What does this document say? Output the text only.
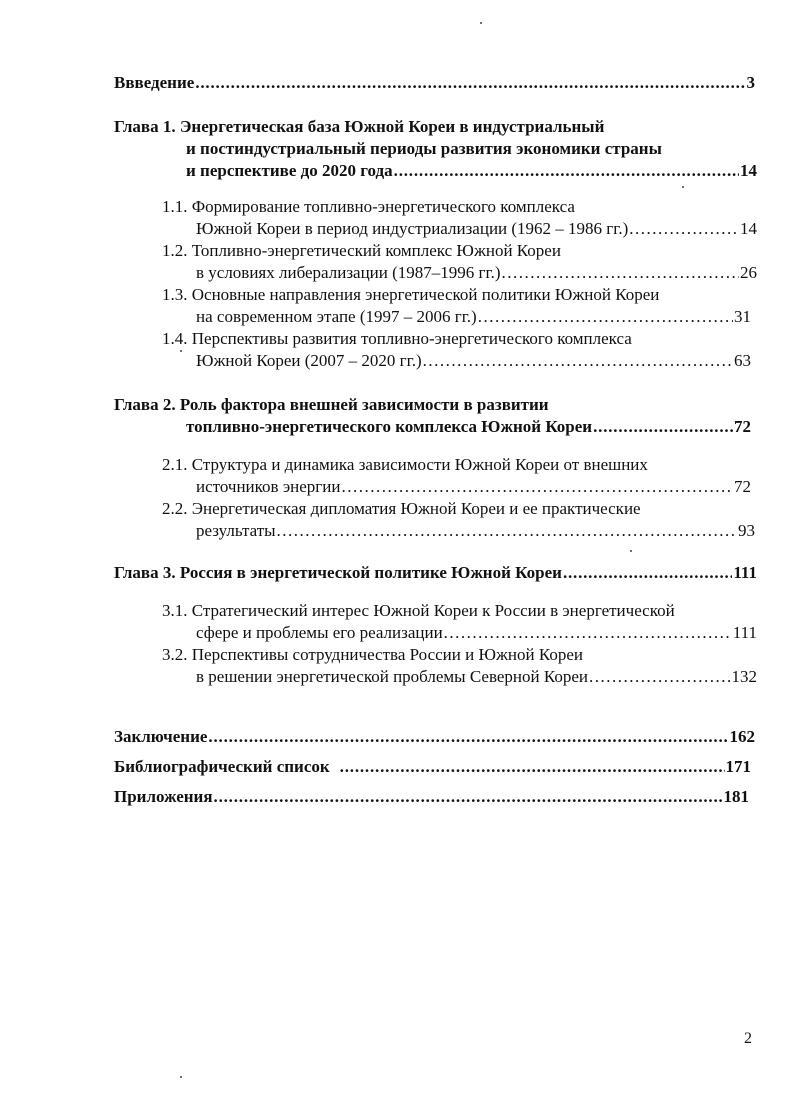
Ввведение .....	3
Глава 1. Энергетическая база Южной Кореи в индустриальный
и постиндустриальный периоды развития экономики страны
и перспективе до 2020 года .....	14
1.1. Формирование топливно-энергетического комплекса
Южной Кореи в период индустриализации (1962 – 1986 гг.) .....	14
1.2. Топливно-энергетический комплекс Южной Кореи
в условиях либерализации (1987–1996 гг.) .....	26
1.3. Основные направления энергетической политики Южной Кореи
на современном этапе (1997 – 2006 гг.) .....	31
1.4. Перспективы развития топливно-энергетического комплекса
Южной Кореи (2007 – 2020 гг.) .....	63
Глава 2. Роль фактора внешней зависимости в развитии
топливно-энергетического комплекса Южной Кореи .....	72
2.1. Структура и динамика зависимости Южной Кореи от внешних
источников энергии .....	72
2.2. Энергетическая дипломатия Южной Кореи и ее практические
результаты .....	93
Глава 3. Россия в энергетической политике Южной Кореи .....	111
3.1. Стратегический интерес Южной Кореи к России в энергетической
сфере и проблемы его реализации .....	111
3.2. Перспективы сотрудничества России и Южной Кореи
в решении энергетической проблемы Северной Кореи .....	132
Заключение .....	162
Библиографический список .....	171
Приложения .....	181
2
